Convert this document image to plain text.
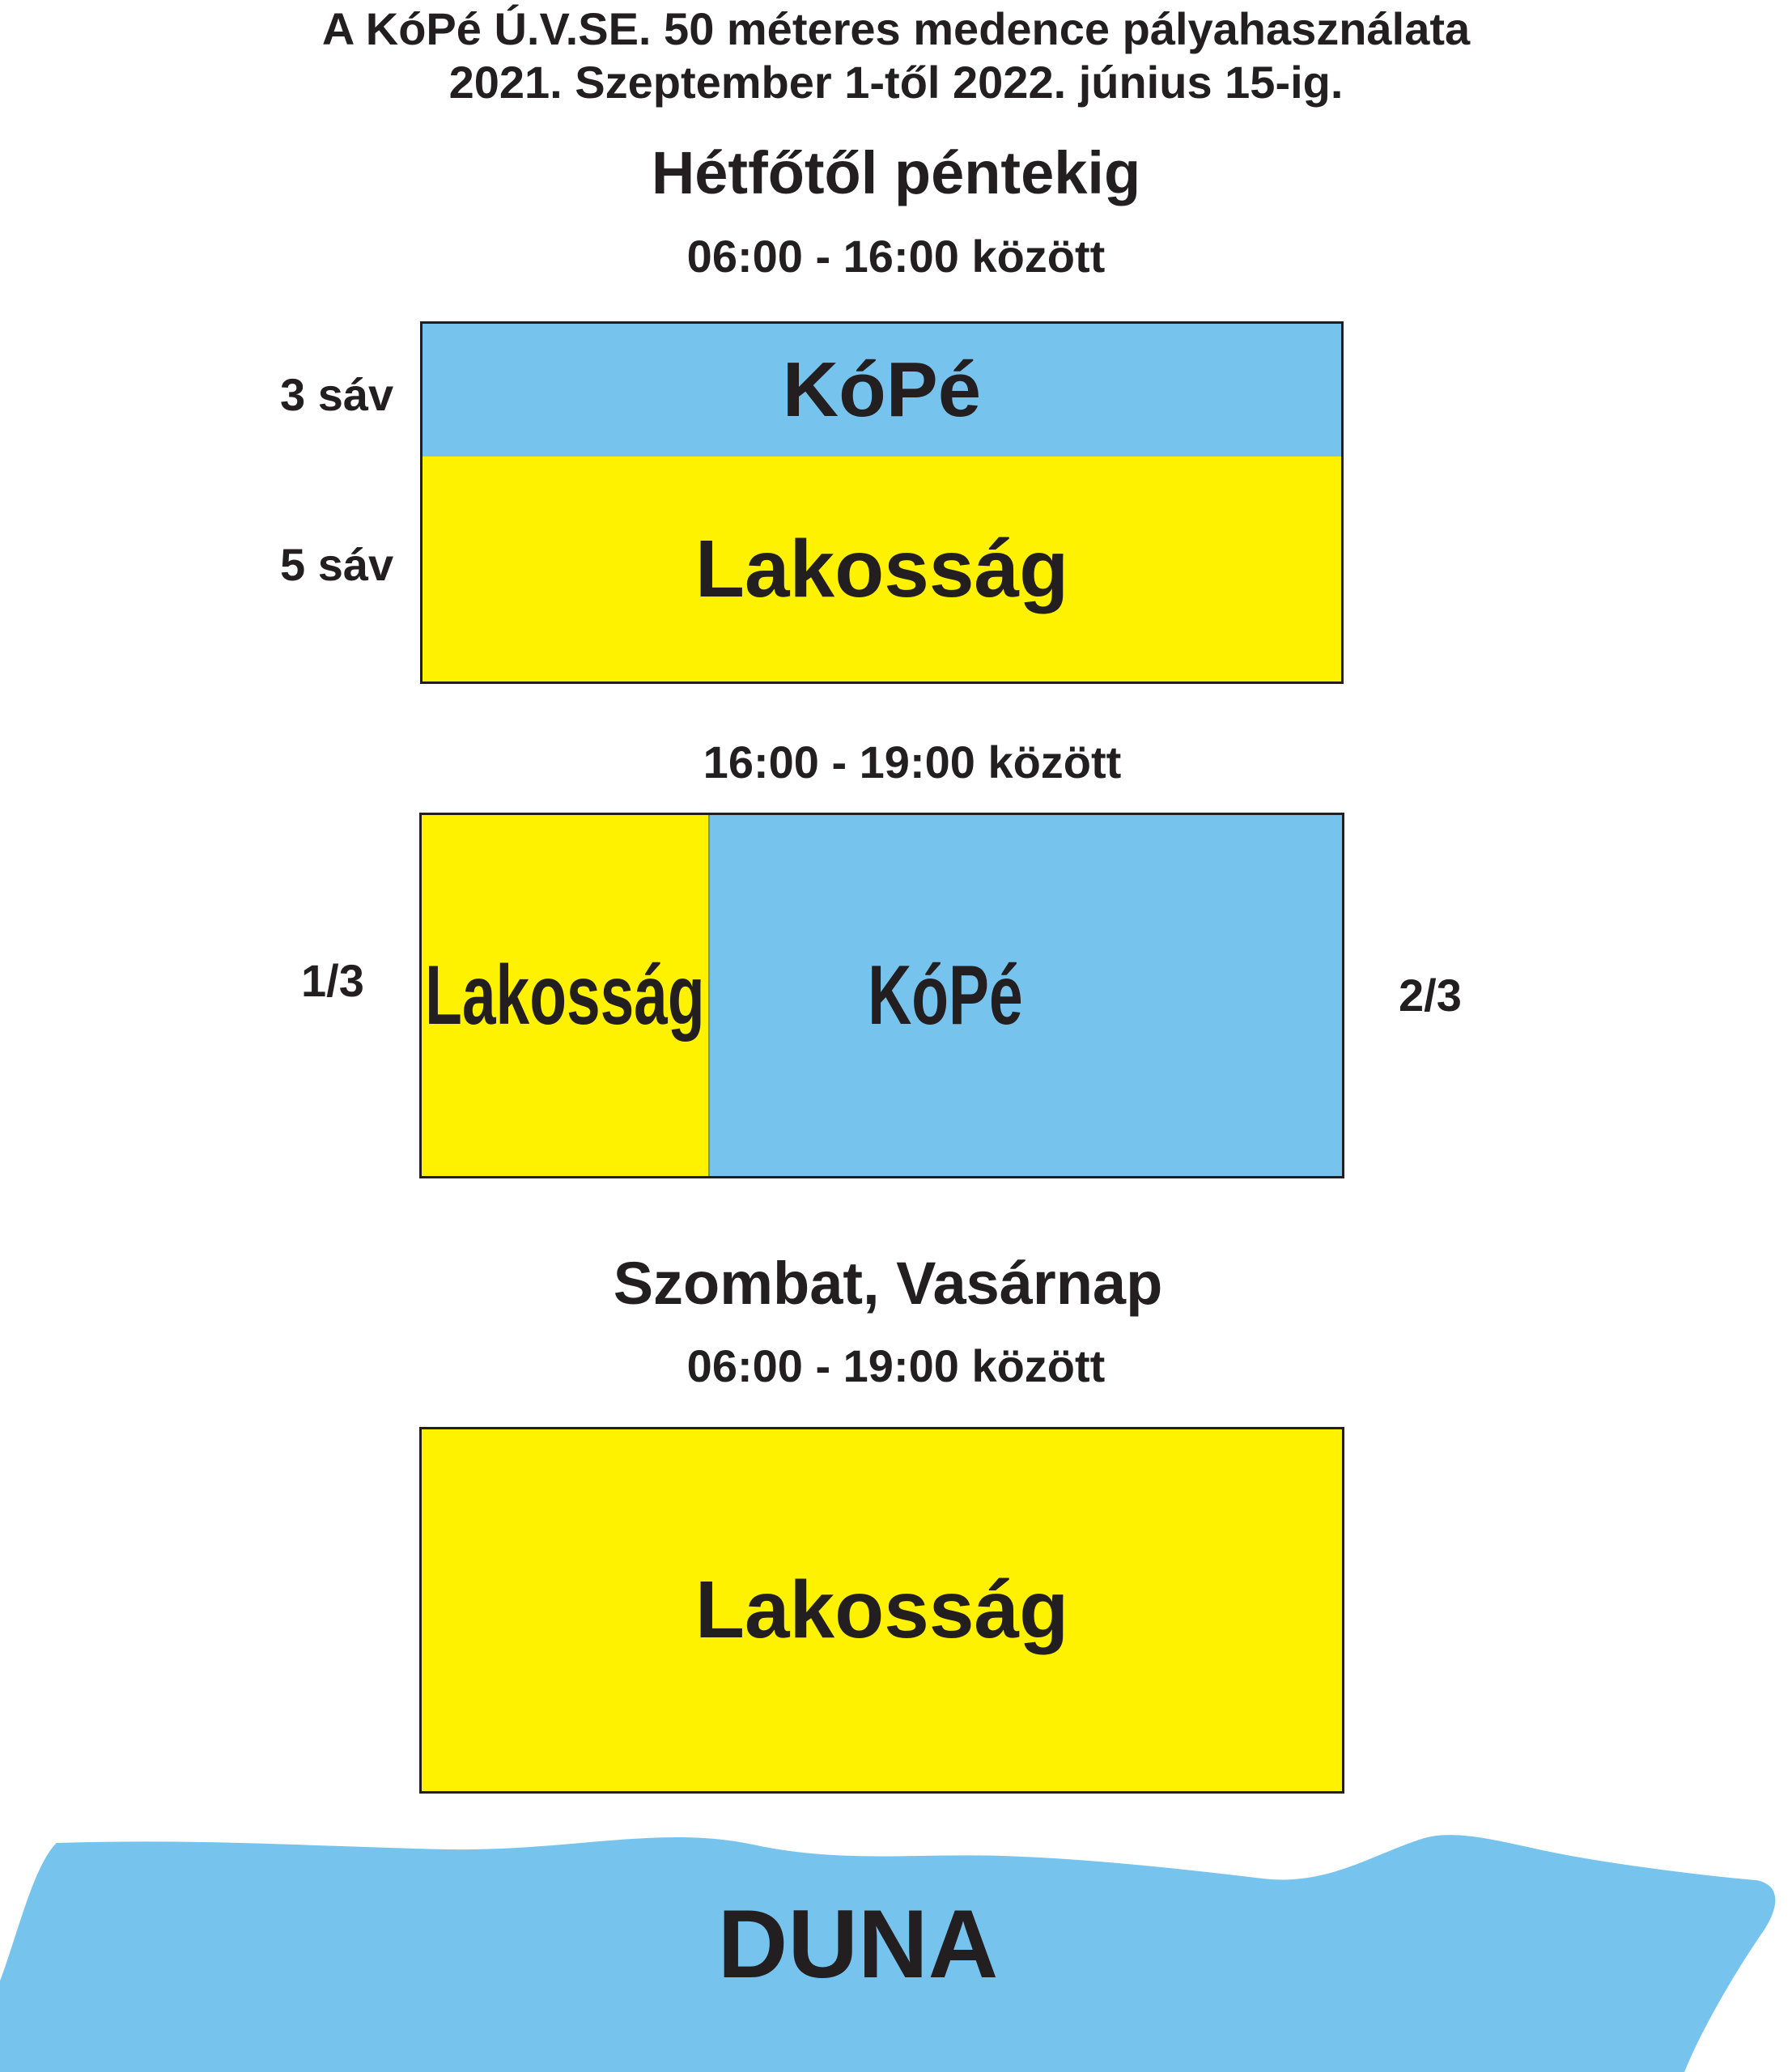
A KóPé Ú.V.SE. 50 méteres medence pályahasználata
2021. Szeptember 1-től 2022. június 15-ig.
Hétfőtől péntekig
06:00 - 16:00 között
3 sáv
5 sáv
KóPé
Lakosság
16:00 - 19:00 között
1/3	2/3
Lakosság KóPé
Szombat, Vasárnap
06:00 - 19:00 között
Lakosság
DUNA
